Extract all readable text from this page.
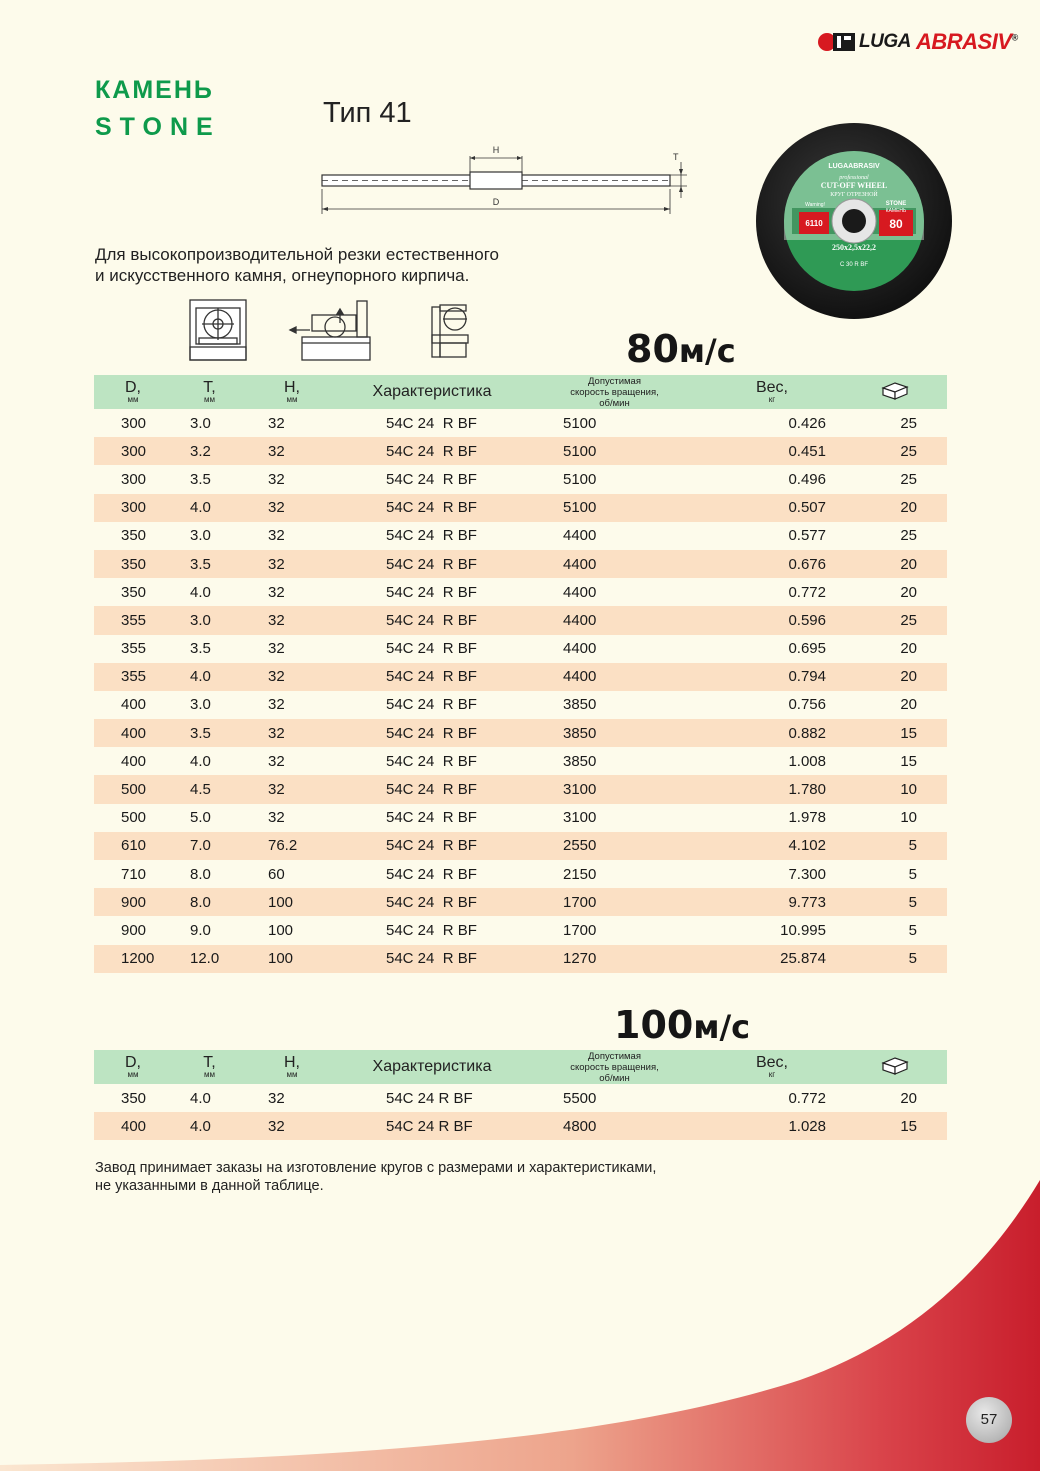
LUGA ABRASIV®
КАМЕНЬ
STONE	Тип 41
H
D
T
LUGAABRASIV
professional
CUT-OFF WHEEL
КРУГ ОТРЕЗНОЙ
Warning!
6110	80
STONE
КАМЕНЬ
250x2,5x22,2
C 30 R BF
Для высокопроизводительной резки естественного
и искусственного камня, огнеупорного кирпича.
80м/с
D,
мм	T,
мм	H,
мм	Характеристика	Допустимая
скорость вращения,
об/мин	Вес,
кг

300	3.0	32	54C 24  R BF	5100	0.426	25
300	3.2	32	54C 24  R BF	5100	0.451	25
300	3.5	32	54C 24  R BF	5100	0.496	25
300	4.0	32	54C 24  R BF	5100	0.507	20
350	3.0	32	54C 24  R BF	4400	0.577	25
350	3.5	32	54C 24  R BF	4400	0.676	20
350	4.0	32	54C 24  R BF	4400	0.772	20
355	3.0	32	54C 24  R BF	4400	0.596	25
355	3.5	32	54C 24  R BF	4400	0.695	20
355	4.0	32	54C 24  R BF	4400	0.794	20
400	3.0	32	54C 24  R BF	3850	0.756	20
400	3.5	32	54C 24  R BF	3850	0.882	15
400	4.0	32	54C 24  R BF	3850	1.008	15
500	4.5	32	54C 24  R BF	3100	1.780	10
500	5.0	32	54C 24  R BF	3100	1.978	10
610	7.0	76.2	54C 24  R BF	2550	4.102	5
710	8.0	60	54C 24  R BF	2150	7.300	5
900	8.0	100	54C 24  R BF	1700	9.773	5
900	9.0	100	54C 24  R BF	1700	10.995	5
1200	12.0	100	54C 24  R BF	1270	25.874	5
100м/с
D,
мм	T,
мм	H,
мм	Характеристика	Допустимая
скорость вращения,
об/мин	Вес,
кг

350	4.0	32	54C 24 R BF	5500	0.772	20
400	4.0	32	54C 24 R BF	4800	1.028	15
Завод принимает заказы на изготовление кругов с размерами и характеристиками,
не указанными в данной таблице.
57
